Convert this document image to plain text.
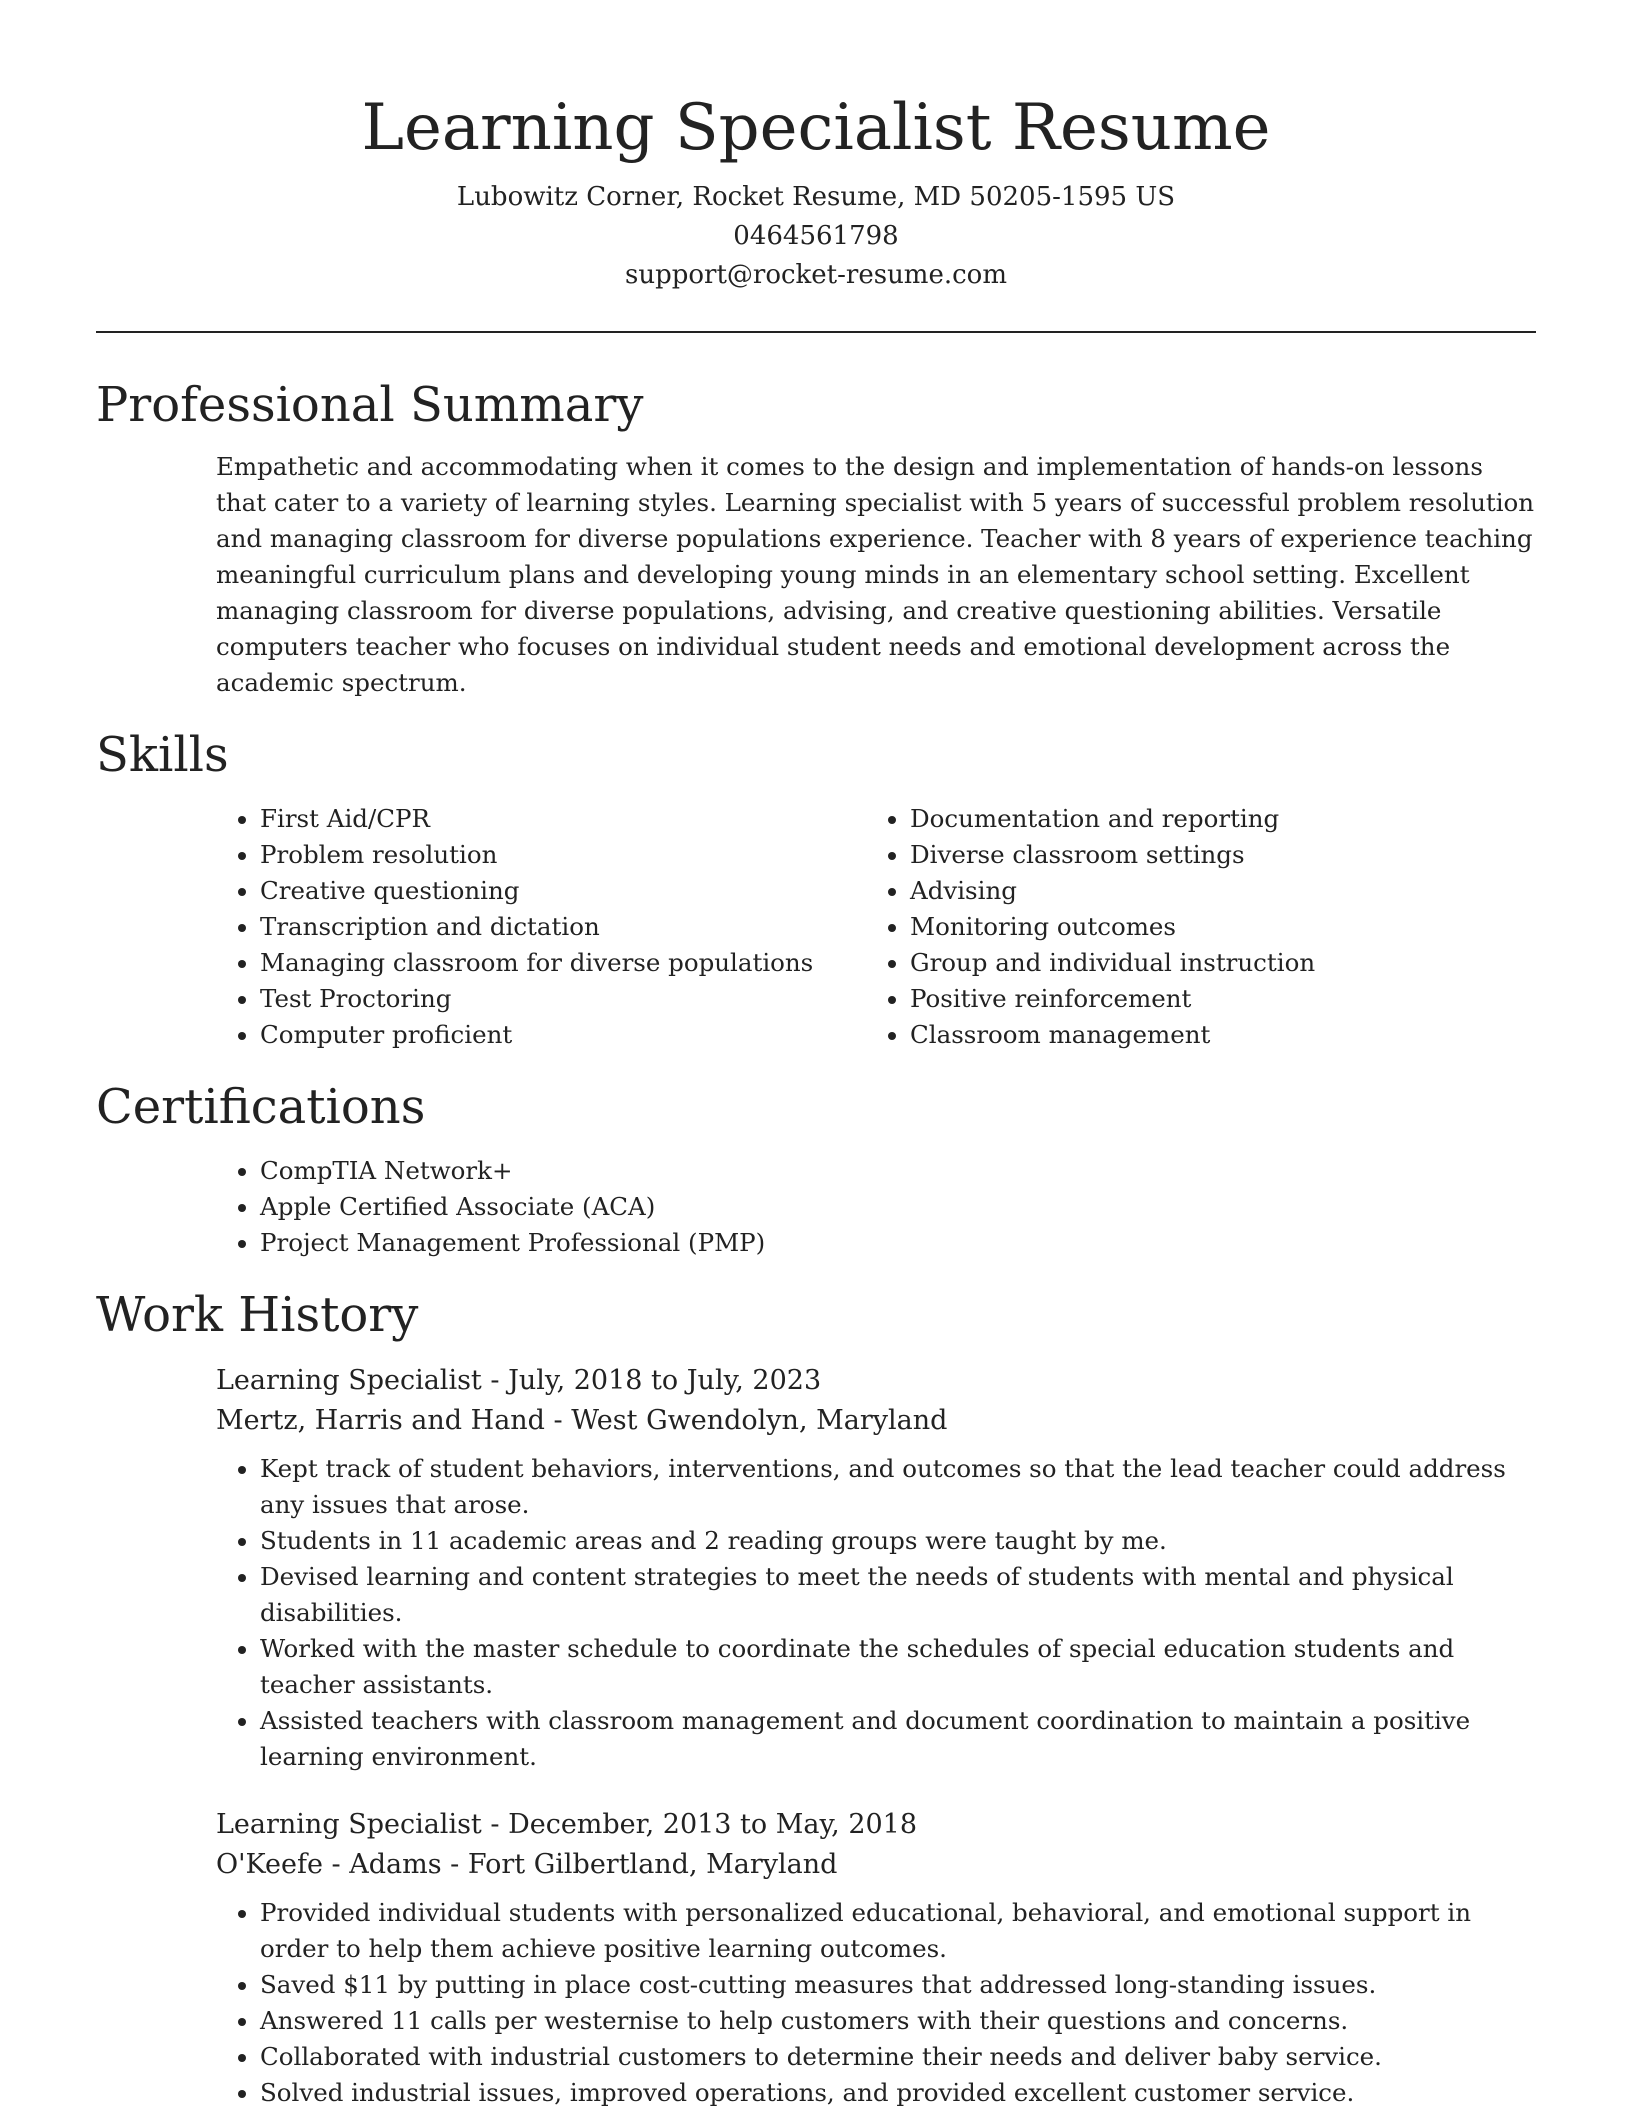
Learning Specialist Resume
Lubowitz Corner, Rocket Resume, MD 50205-1595 US
0464561798
support@rocket-resume.com
Professional Summary

Empathetic and accommodating when it comes to the design and implementation of hands-on lessons that cater to a variety of learning styles. Learning specialist with 5 years of successful problem resolution and managing classroom for diverse populations experience. Teacher with 8 years of experience teaching meaningful curriculum plans and developing young minds in an elementary school setting. Excellent managing classroom for diverse populations, advising, and creative questioning abilities. Versatile computers teacher who focuses on individual student needs and emotional development across the academic spectrum.

Skills
• First Aid/CPR
• Problem resolution
• Creative questioning
• Transcription and dictation
• Managing classroom for diverse populations
• Test Proctoring
• Computer proficient
• Documentation and reporting
• Diverse classroom settings
• Advising
• Monitoring outcomes
• Group and individual instruction
• Positive reinforcement
• Classroom management
Certifications
• CompTIA Network+
• Apple Certified Associate (ACA)
• Project Management Professional (PMP)
Work History
Learning Specialist - July, 2018 to July, 2023
Mertz, Harris and Hand - West Gwendolyn, Maryland
• Kept track of student behaviors, interventions, and outcomes so that the lead teacher could address any issues that arose.
• Students in 11 academic areas and 2 reading groups were taught by me.
• Devised learning and content strategies to meet the needs of students with mental and physical disabilities.
• Worked with the master schedule to coordinate the schedules of special education students and teacher assistants.
• Assisted teachers with classroom management and document coordination to maintain a positive learning environment.
Learning Specialist - December, 2013 to May, 2018
O'Keefe - Adams - Fort Gilbertland, Maryland
• Provided individual students with personalized educational, behavioral, and emotional support in order to help them achieve positive learning outcomes.
• Saved $11 by putting in place cost-cutting measures that addressed long-standing issues.
• Answered 11 calls per westernise to help customers with their questions and concerns.
• Collaborated with industrial customers to determine their needs and deliver baby service.
• Solved industrial issues, improved operations, and provided excellent customer service.
